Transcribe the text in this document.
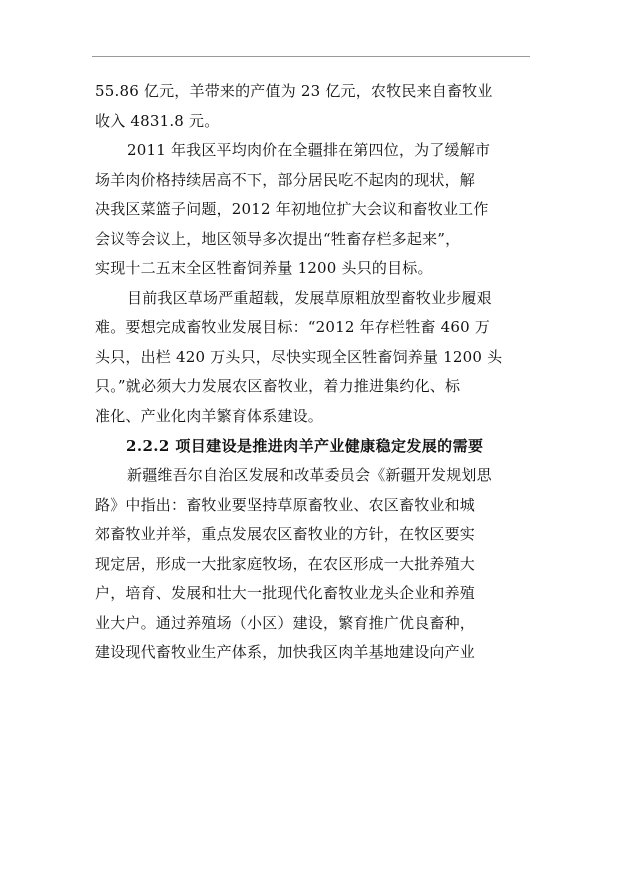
55.86 亿元，羊带来的产值为 23 亿元，农牧民来自畜牧业
收入 4831.8 元。
2011 年我区平均肉价在全疆排在第四位，为了缓解市
场羊肉价格持续居高不下，部分居民吃不起肉的现状，解
决我区菜篮子问题，2012 年初地位扩大会议和畜牧业工作
会议等会议上，地区领导多次提出“牲畜存栏多起来”，
实现十二五末全区牲畜饲养量 1200 头只的目标。
目前我区草场严重超载，发展草原粗放型畜牧业步履艰
难。要想完成畜牧业发展目标：“2012 年存栏牲畜 460 万
头只，出栏 420 万头只，尽快实现全区牲畜饲养量 1200 头
只。”就必须大力发展农区畜牧业，着力推进集约化、标
准化、产业化肉羊繁育体系建设。
2.2.2 项目建设是推进肉羊产业健康稳定发展的需要
新疆维吾尔自治区发展和改革委员会《新疆开发规划思
路》中指出：畜牧业要坚持草原畜牧业、农区畜牧业和城
郊畜牧业并举，重点发展农区畜牧业的方针，在牧区要实
现定居，形成一大批家庭牧场，在农区形成一大批养殖大
户，培育、发展和壮大一批现代化畜牧业龙头企业和养殖
业大户。通过养殖场（小区）建设，繁育推广优良畜种，
建设现代畜牧业生产体系，加快我区肉羊基地建设向产业
